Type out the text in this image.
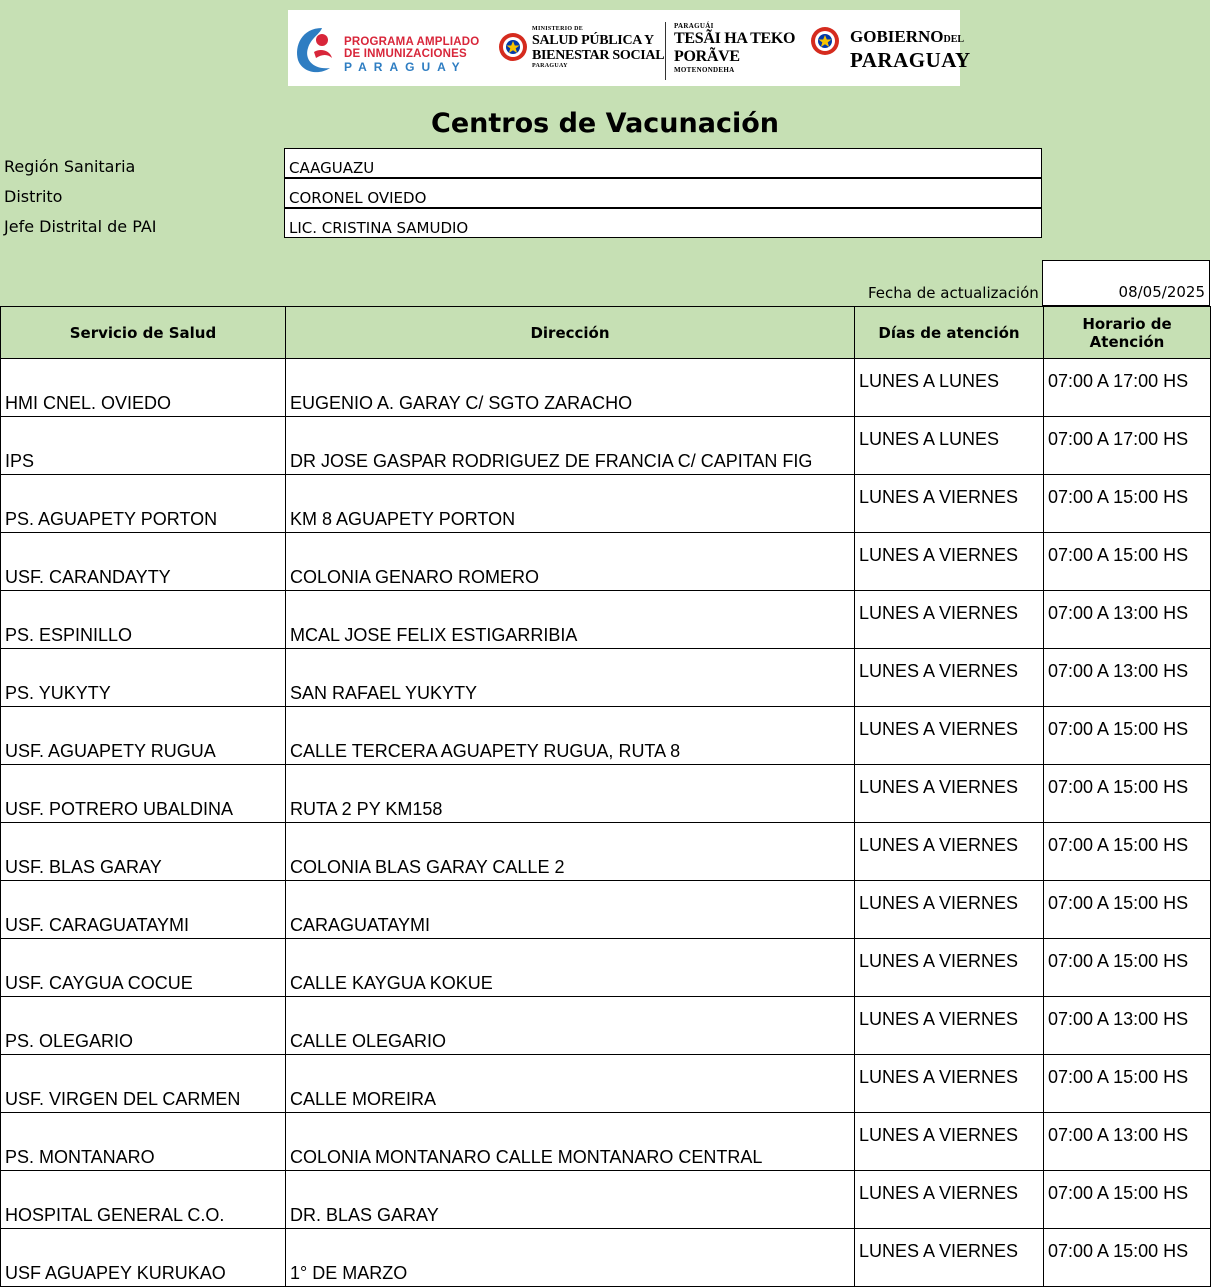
PROGRAMA AMPLIADO
DE INMUNIZACIONES
PARAGUAY
MINISTERIO DE
SALUD PÚBLICA Y
BIENESTAR SOCIAL
PARAGUAY
PARAGUÁI
TESÃI HA TEKO
PORÃVE
MOTENONDEHA
GOBIERNODEL
PARAGUAY
Centros de Vacunación
Región Sanitaria	CAAGUAZU
Distrito	CORONEL OVIEDO
Jefe Distrital de PAI	LIC. CRISTINA SAMUDIO
Fecha de actualización	08/05/2025
Servicio de Salud	Dirección	Días de atención	Horario de Atención
HMI CNEL. OVIEDO	EUGENIO A. GARAY C/ SGTO ZARACHO	LUNES A LUNES	07:00 A 17:00 HS
IPS	DR JOSE GASPAR RODRIGUEZ DE FRANCIA C/ CAPITAN FIG	LUNES A LUNES	07:00 A 17:00 HS
PS. AGUAPETY PORTON	KM 8 AGUAPETY PORTON	LUNES A VIERNES	07:00 A 15:00 HS
USF. CARANDAYTY	COLONIA GENARO ROMERO	LUNES A VIERNES	07:00 A 15:00 HS
PS. ESPINILLO	MCAL JOSE FELIX ESTIGARRIBIA	LUNES A VIERNES	07:00 A 13:00 HS
PS. YUKYTY	SAN RAFAEL YUKYTY	LUNES A VIERNES	07:00 A 13:00 HS
USF. AGUAPETY RUGUA	CALLE TERCERA AGUAPETY RUGUA, RUTA 8	LUNES A VIERNES	07:00 A 15:00 HS
USF. POTRERO UBALDINA	RUTA 2 PY KM158	LUNES A VIERNES	07:00 A 15:00 HS
USF. BLAS GARAY	COLONIA BLAS GARAY CALLE 2	LUNES A VIERNES	07:00 A 15:00 HS
USF. CARAGUATAYMI	CARAGUATAYMI	LUNES A VIERNES	07:00 A 15:00 HS
USF. CAYGUA COCUE	CALLE KAYGUA KOKUE	LUNES A VIERNES	07:00 A 15:00 HS
PS. OLEGARIO	CALLE OLEGARIO	LUNES A VIERNES	07:00 A 13:00 HS
USF. VIRGEN DEL CARMEN	CALLE MOREIRA	LUNES A VIERNES	07:00 A 15:00 HS
PS. MONTANARO	COLONIA MONTANARO CALLE MONTANARO CENTRAL	LUNES A VIERNES	07:00 A 13:00 HS
HOSPITAL GENERAL C.O.	DR. BLAS GARAY	LUNES A VIERNES	07:00 A 15:00 HS
USF AGUAPEY KURUKAO	1° DE MARZO	LUNES A VIERNES	07:00 A 15:00 HS
